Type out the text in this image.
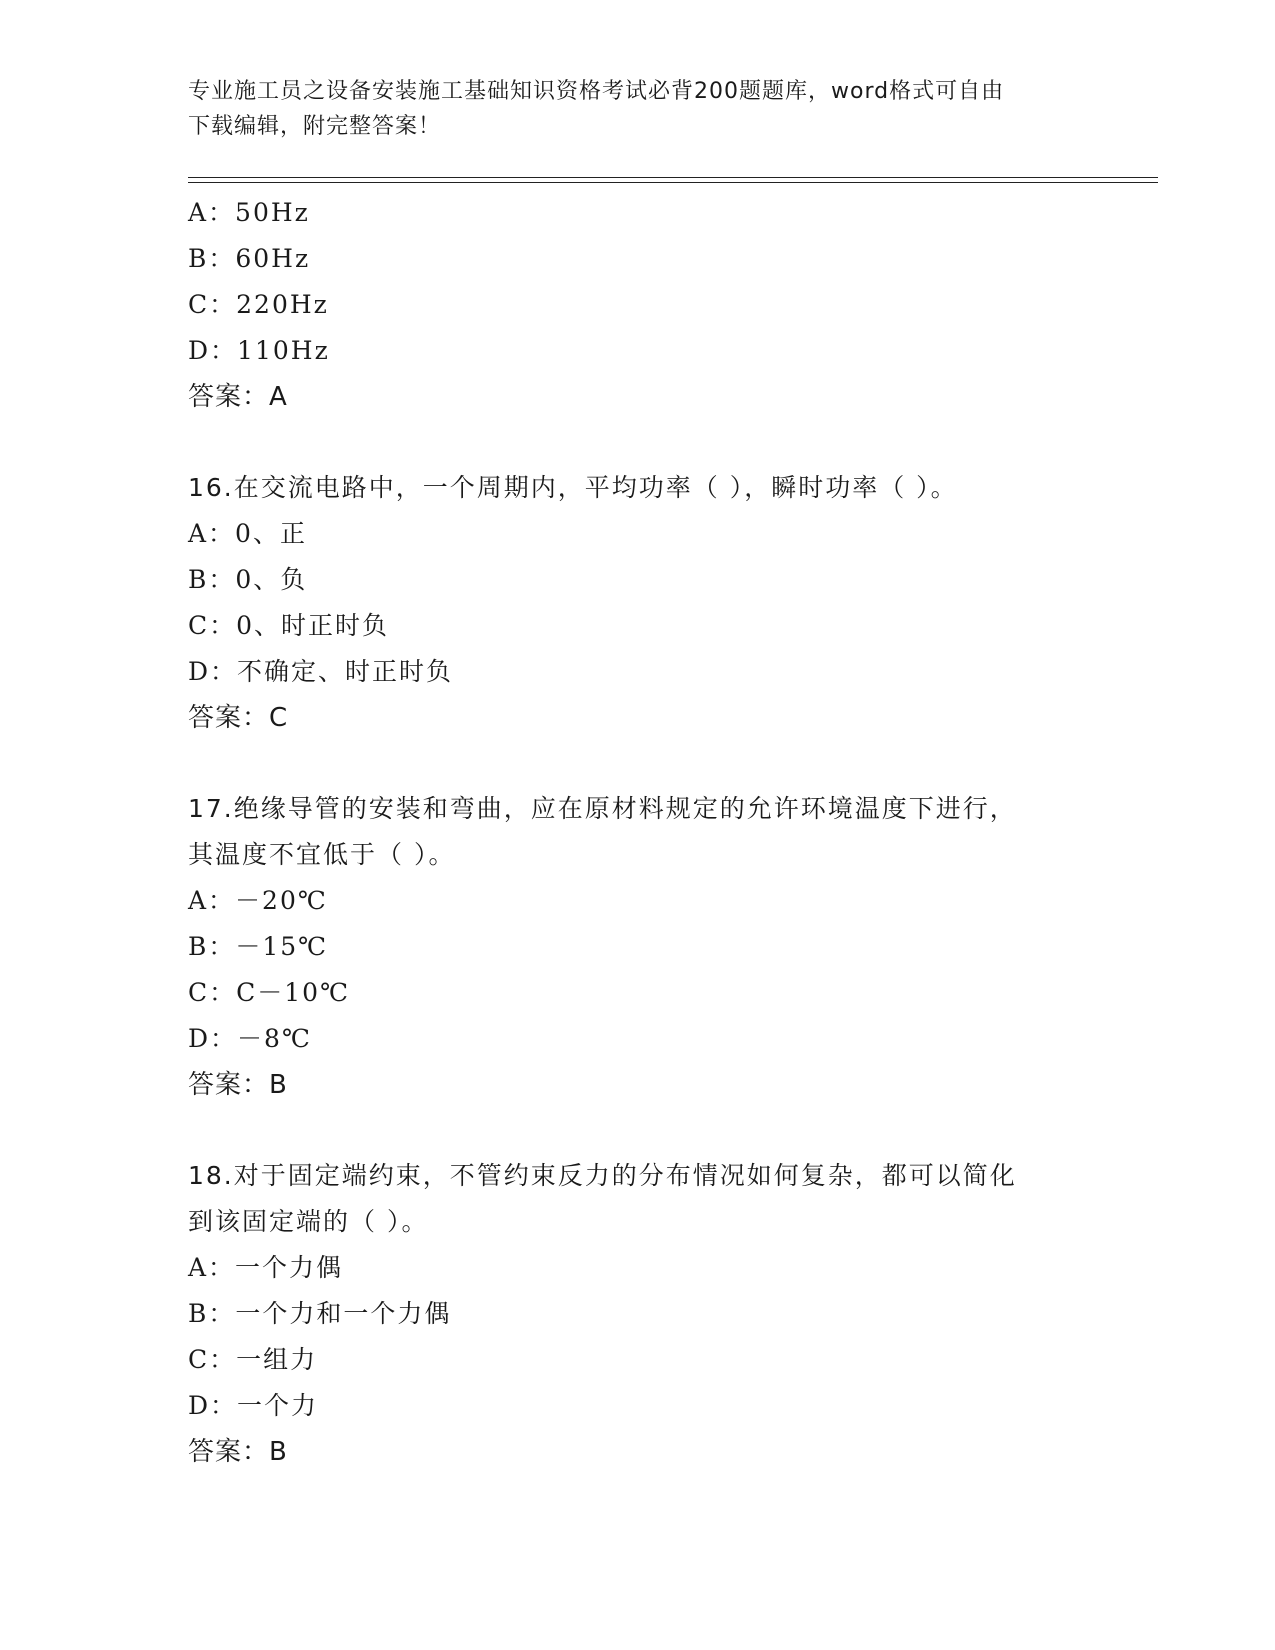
专业施工员之设备安装施工基础知识资格考试必背200题题库，word格式可自由
下载编辑，附完整答案！
A：50Hz
B：60Hz
C：220Hz
D：110Hz
答案：A
16.在交流电路中，一个周期内，平均功率（ ），瞬时功率（ ）。
A：0、正
B：0、负
C：0、时正时负
D：不确定、时正时负
答案：C
17.绝缘导管的安装和弯曲，应在原材料规定的允许环境温度下进行，
其温度不宜低于（ ）。
A：－20℃
B：－15℃
C：C－10℃
D：－8℃
答案：B
18.对于固定端约束，不管约束反力的分布情况如何复杂，都可以简化
到该固定端的（ ）。
A：一个力偶
B：一个力和一个力偶
C：一组力
D：一个力
答案：B
